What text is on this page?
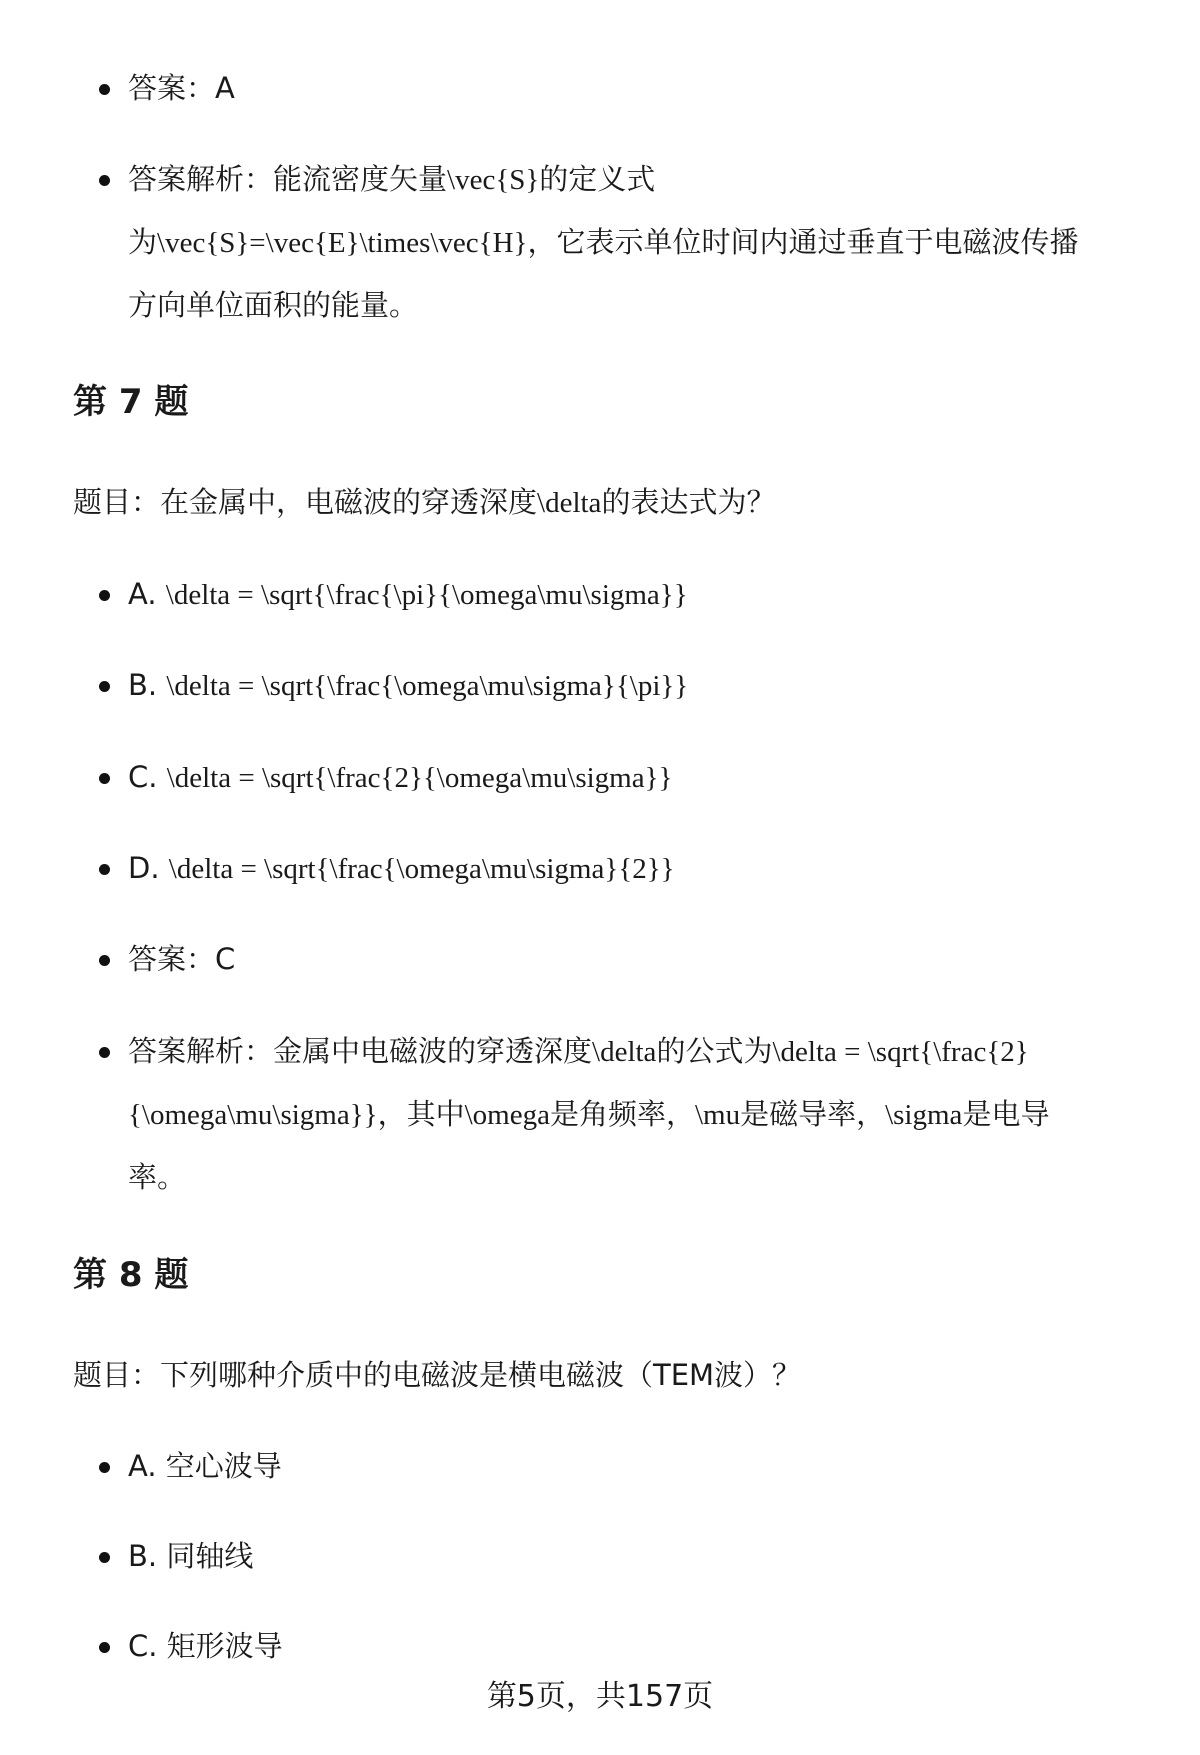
答案：A
答案解析：能流密度矢量\vec{S}的定义式
为\vec{S}=\vec{E}\times\vec{H}，它表示单位时间内通过垂直于电磁波传播
方向单位面积的能量。
第 7 题
题目：在金属中，电磁波的穿透深度\delta的表达式为？
A. \delta = \sqrt{\frac{\pi}{\omega\mu\sigma}}
B. \delta = \sqrt{\frac{\omega\mu\sigma}{\pi}}
C. \delta = \sqrt{\frac{2}{\omega\mu\sigma}}
D. \delta = \sqrt{\frac{\omega\mu\sigma}{2}}
答案：C
答案解析：金属中电磁波的穿透深度\delta的公式为\delta = \sqrt{\frac{2}
{\omega\mu\sigma}}，其中\omega是角频率，\mu是磁导率，\sigma是电导
率。
第 8 题
题目：下列哪种介质中的电磁波是横电磁波（TEM波）？
A. 空心波导
B. 同轴线
C. 矩形波导
第5页，共157页
